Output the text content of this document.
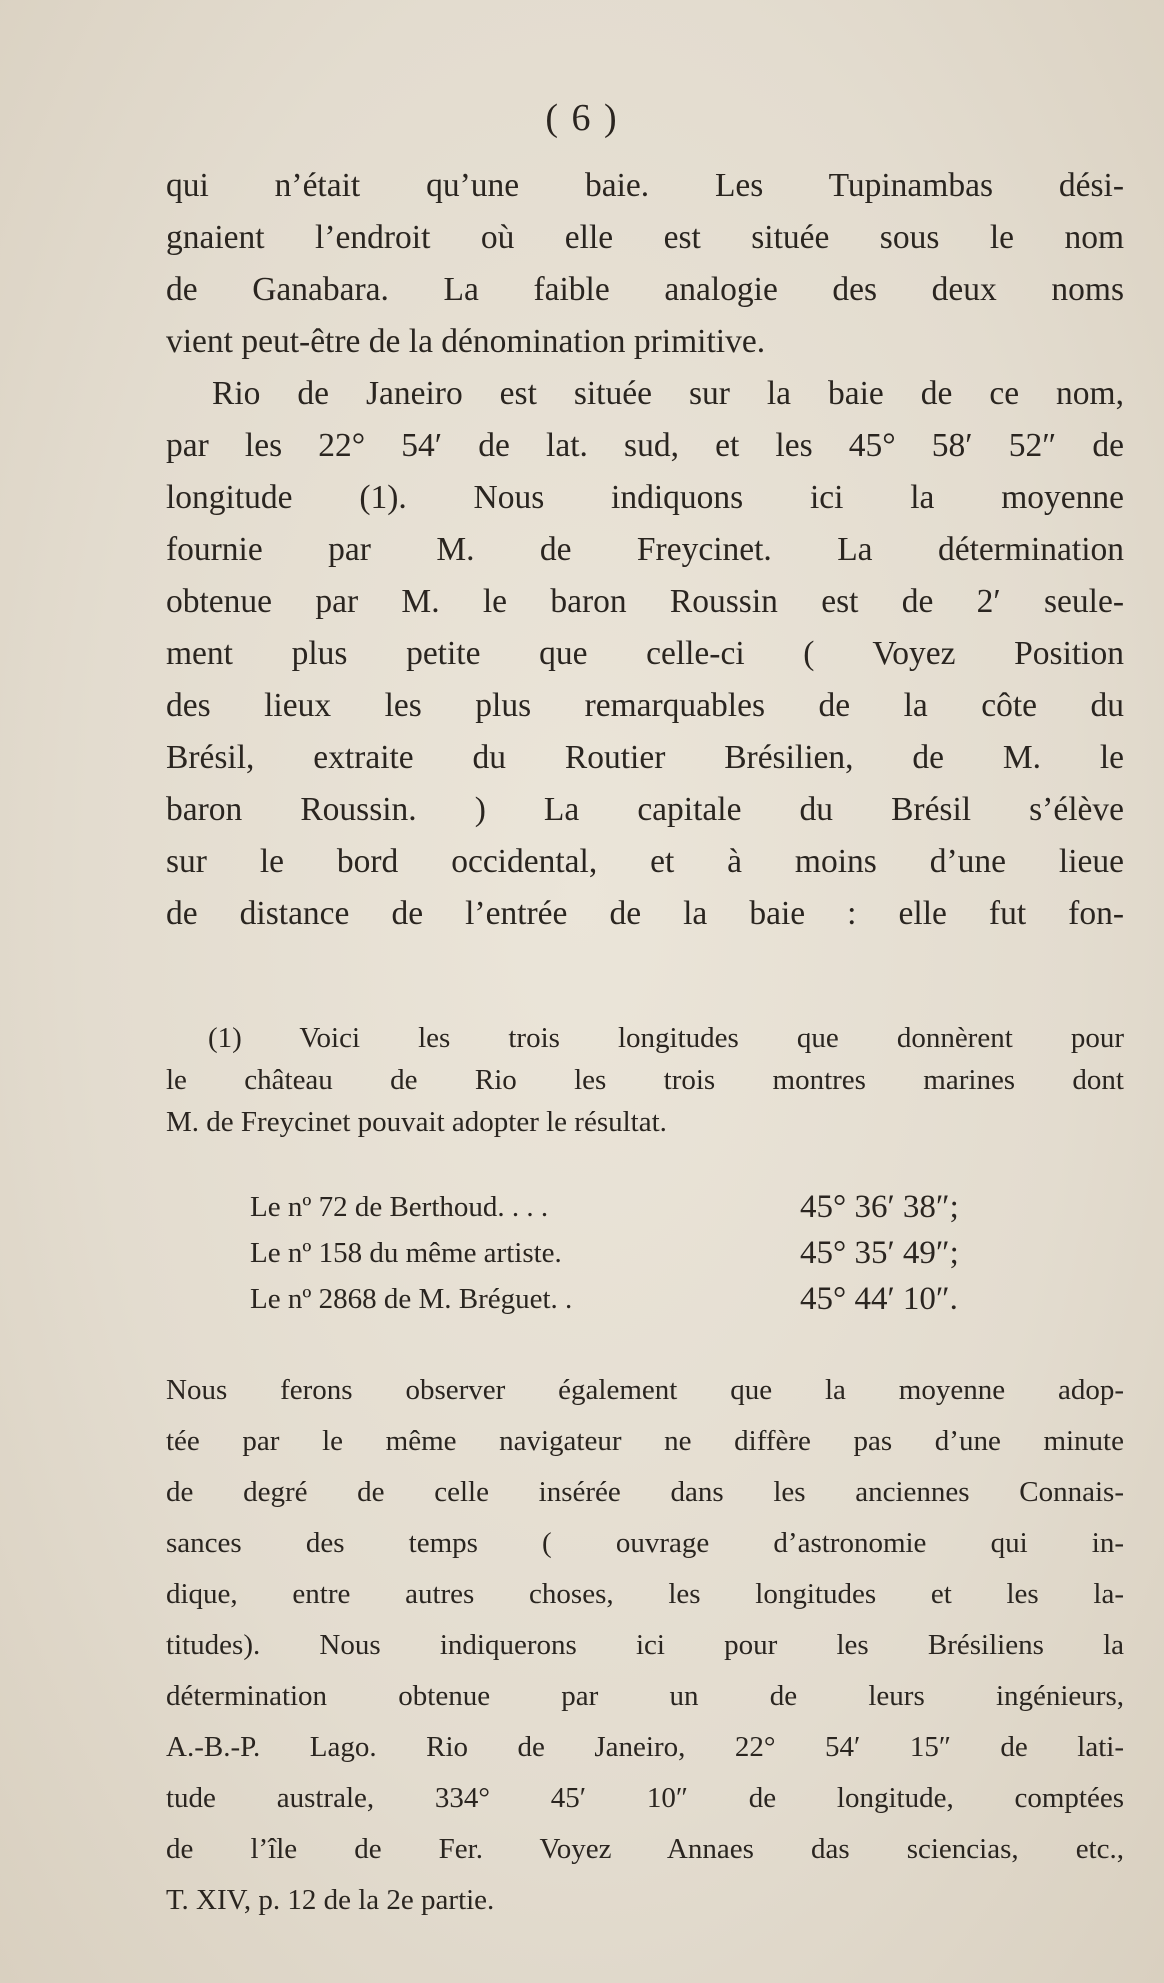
( 6 )
qui n’était qu’une baie. Les Tupinambas dési-
gnaient l’endroit où elle est située sous le nom
de Ganabara. La faible analogie des deux noms
vient peut-être de la dénomination primitive.
Rio de Janeiro est située sur la baie de ce nom,
par les 22° 54′ de lat. sud, et les 45° 58′ 52″ de
longitude (1). Nous indiquons ici la moyenne
fournie par M. de Freycinet. La détermination
obtenue par M. le baron Roussin est de 2′ seule-
ment plus petite que celle-ci ( Voyez Position
des lieux les plus remarquables de la côte du
Brésil, extraite du Routier Brésilien, de M. le
baron Roussin. ) La capitale du Brésil s’élève
sur le bord occidental, et à moins d’une lieue
de distance de l’entrée de la baie : elle fut fon-
(1) Voici les trois longitudes que donnèrent pour
le château de Rio les trois montres marines dont
M. de Freycinet pouvait adopter le résultat.
Le nº 72 de Berthoud. . . .	45° 36′ 38″;
Le nº 158 du même artiste.	45° 35′ 49″;
Le nº 2868 de M. Bréguet. .	45° 44′ 10″.
Nous ferons observer également que la moyenne adop-
tée par le même navigateur ne diffère pas d’une minute
de degré de celle insérée dans les anciennes Connais-
sances des temps ( ouvrage d’astronomie qui in-
dique, entre autres choses, les longitudes et les la-
titudes). Nous indiquerons ici pour les Brésiliens la
détermination obtenue par un de leurs ingénieurs,
A.-B.-P. Lago. Rio de Janeiro, 22° 54′ 15″ de lati-
tude australe, 334° 45′ 10″ de longitude, comptées
de l’île de Fer. Voyez Annaes das sciencias, etc.,
T. XIV, p. 12 de la 2e partie.
